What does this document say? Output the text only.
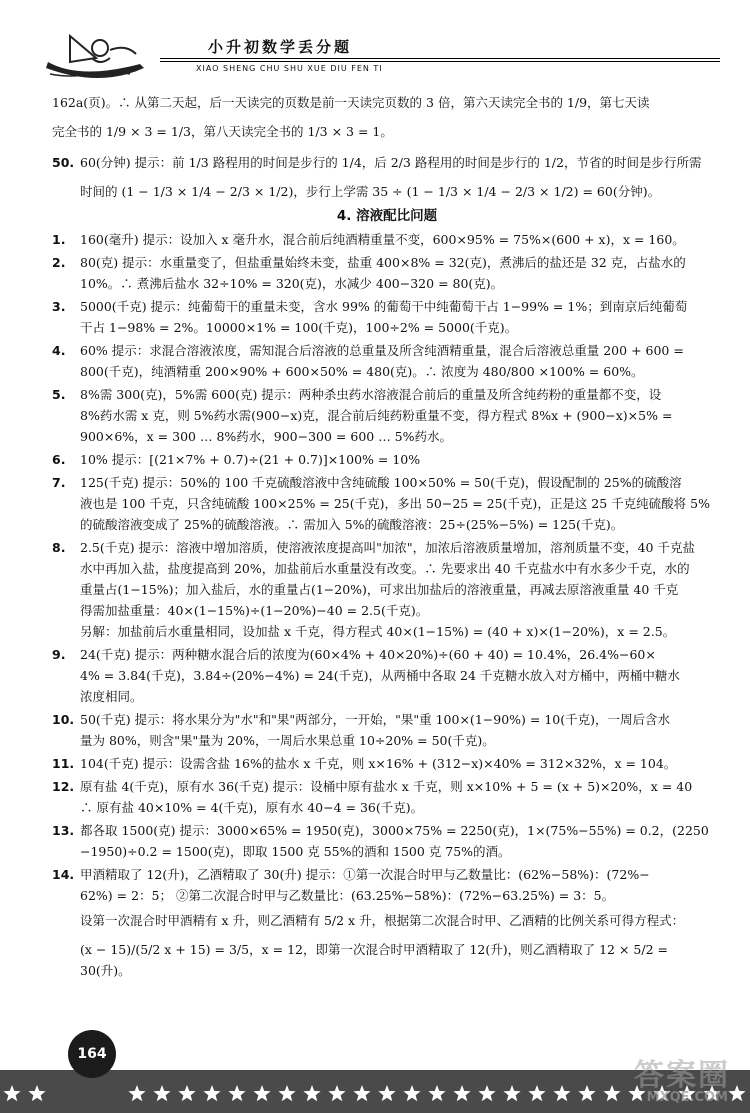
小升初数学丢分题
XIAO SHENG CHU SHU XUE DIU FEN TI

162a(页)。∴ 从第二天起，后一天读完的页数是前一天读完页数的 3 倍，第六天读完全书的 1/9，第七天读

完全书的 1/9 × 3 = 1/3，第八天读完全书的 1/3 × 3 = 1。

50. 60(分钟) 提示：前 1/3 路程用的时间是步行的 1/4，后 2/3 路程用的时间是步行的 1/2，节省的时间是步行所需

时间的 (1 − 1/3 × 1/4 − 2/3 × 1/2)，步行上学需 35 ÷ (1 − 1/3 × 1/4 − 2/3 × 1/2) = 60(分钟)。

4. 溶液配比问题
1. 160(毫升) 提示：设加入 x 毫升水，混合前后纯酒精重量不变，600×95% = 75%×(600 + x)，x = 160。

2. 80(克) 提示：水重量变了，但盐重量始终未变，盐重 400×8% = 32(克)，煮沸后的盐还是 32 克，占盐水的

10%。∴ 煮沸后盐水 32÷10% = 320(克)，水减少 400−320 = 80(克)。

3. 5000(千克) 提示：纯葡萄干的重量未变，含水 99% 的葡萄干中纯葡萄干占 1−99% = 1%；到南京后纯葡萄

干占 1−98% = 2%。10000×1% = 100(千克)，100÷2% = 5000(千克)。

4. 60% 提示：求混合溶液浓度，需知混合后溶液的总重量及所含纯酒精重量，混合后溶液总重量 200 + 600 =

800(千克)，纯酒精重 200×90% + 600×50% = 480(克)。∴ 浓度为 480/800 ×100% = 60%。

5. 8%需 300(克)，5%需 600(克) 提示：两种杀虫药水溶液混合前后的重量及所含纯药粉的重量都不变，设

8%药水需 x 克，则 5%药水需(900−x)克，混合前后纯药粉重量不变，得方程式 8%x + (900−x)×5% =

900×6%，x = 300 … 8%药水，900−300 = 600 … 5%药水。

6. 10% 提示：[(21×7% + 0.7)÷(21 + 0.7)]×100% = 10%

7. 125(千克) 提示：50%的 100 千克硫酸溶液中含纯硫酸 100×50% = 50(千克)，假设配制的 25%的硫酸溶

液也是 100 千克，只含纯硫酸 100×25% = 25(千克)，多出 50−25 = 25(千克)，正是这 25 千克纯硫酸将 5%

的硫酸溶液变成了 25%的硫酸溶液。∴ 需加入 5%的硫酸溶液：25÷(25%−5%) = 125(千克)。

8. 2.5(千克) 提示：溶液中增加溶质，使溶液浓度提高叫"加浓"，加浓后溶液质量增加，溶剂质量不变，40 千克盐

水中再加入盐，盐度提高到 20%，加盐前后水重量没有改变。∴ 先要求出 40 千克盐水中有水多少千克，水的

重量占(1−15%)；加入盐后，水的重量占(1−20%)，可求出加盐后的溶液重量，再减去原溶液重量 40 千克

得需加盐重量：40×(1−15%)÷(1−20%)−40 = 2.5(千克)。

另解：加盐前后水重量相同，设加盐 x 千克，得方程式 40×(1−15%) = (40 + x)×(1−20%)，x = 2.5。

9. 24(千克) 提示：两种糖水混合后的浓度为(60×4% + 40×20%)÷(60 + 40) = 10.4%，26.4%−60×

4% = 3.84(千克)，3.84÷(20%−4%) = 24(千克)，从两桶中各取 24 千克糖水放入对方桶中，两桶中糖水

浓度相同。

10. 50(千克) 提示：将水果分为"水"和"果"两部分，一开始，"果"重 100×(1−90%) = 10(千克)，一周后含水

量为 80%，则含"果"量为 20%，一周后水果总重 10÷20% = 50(千克)。

11. 104(千克) 提示：设需含盐 16%的盐水 x 千克，则 x×16% + (312−x)×40% = 312×32%，x = 104。

12. 原有盐 4(千克)，原有水 36(千克) 提示：设桶中原有盐水 x 千克，则 x×10% + 5 = (x + 5)×20%，x = 40

∴ 原有盐 40×10% = 4(千克)，原有水 40−4 = 36(千克)。

13. 都各取 1500(克) 提示：3000×65% = 1950(克)，3000×75% = 2250(克)，1×(75%−55%) = 0.2，(2250

−1950)÷0.2 = 1500(克)，即取 1500 克 55%的酒和 1500 克 75%的酒。

14. 甲酒精取了 12(升)，乙酒精取了 30(升) 提示：①第一次混合时甲与乙数量比：(62%−58%)：(72%−

62%) = 2：5； ②第二次混合时甲与乙数量比：(63.25%−58%)：(72%−63.25%) = 3：5。

设第一次混合时甲酒精有 x 升，则乙酒精有 5/2 x 升，根据第二次混合时甲、乙酒精的比例关系可得方程式：

(x − 15)/(5/2 x + 15) = 3/5，x = 12，即第一次混合时甲酒精取了 12(升)，则乙酒精取了 12 × 5/2 = 30(升)。

164
答案圈
MXQE.COM
